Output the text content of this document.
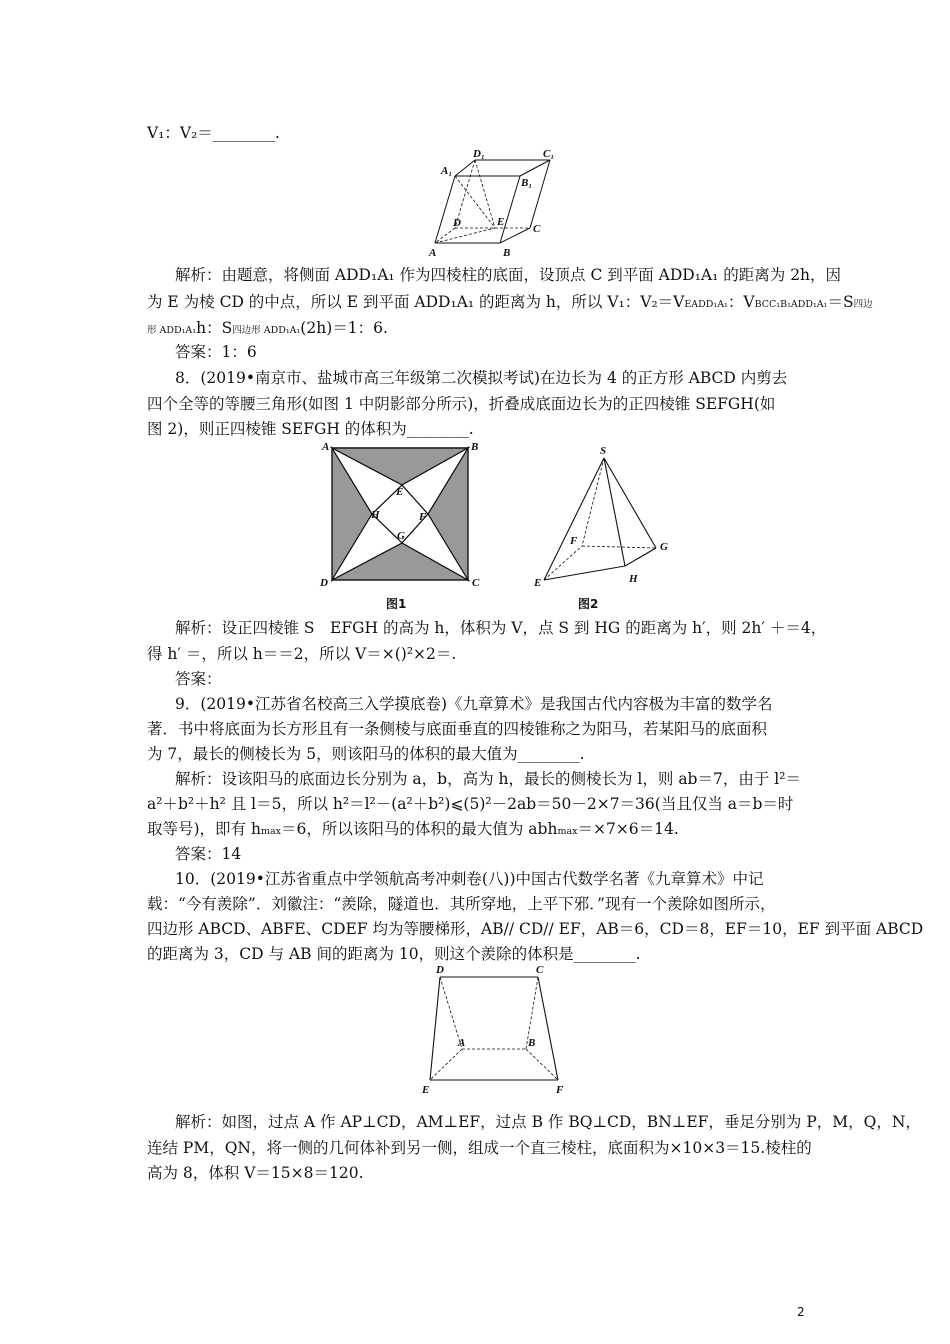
V₁：V₂＝________.
D₁	C₁
A₁
B₁
D	E
C
A	B
解析：由题意，将侧面 ADD₁A₁ 作为四棱柱的底面，设顶点 C 到平面 ADD₁A₁ 的距离为 2h，因
为 E 为棱 CD 的中点，所以 E 到平面 ADD₁A₁ 的距离为 h，所以 V₁：V₂＝VEADD₁A₁：VBCC₁B₁ADD₁A₁＝S四边
形 ADD₁A₁h：S四边形 ADD₁A₁(2h)＝1：6.
答案：1：6
8．(2019•南京市、盐城市高三年级第二次模拟考试)在边长为 4 的正方形 ABCD 内剪去
四个全等的等腰三角形(如图 1 中阴影部分所示)，折叠成底面边长为的正四棱锥 SEFGH(如
图 2)，则正四棱锥 SEFGH 的体积为________.
A	B
D	C
E
H	F
G
S
F	G
E	H
图1	图2
解析：设正四棱锥 S　EFGH 的高为 h，体积为 V，点 S 到 HG 的距离为 h′，则 2h′ ＋＝4，
得 h′ ＝，所以 h＝＝2，所以 V＝×()²×2＝.
答案：
9．(2019•江苏省名校高三入学摸底卷)《九章算术》是我国古代内容极为丰富的数学名
著．书中将底面为长方形且有一条侧棱与底面垂直的四棱锥称之为阳马，若某阳马的底面积
为 7，最长的侧棱长为 5，则该阳马的体积的最大值为________.
解析：设该阳马的底面边长分别为 a，b，高为 h，最长的侧棱长为 l，则 ab＝7，由于 l²＝
a²＋b²＋h² 且 l＝5，所以 h²＝l²－(a²＋b²)⩽(5)²－2ab＝50－2×7＝36(当且仅当 a＝b＝时
取等号)，即有 hmax＝6，所以该阳马的体积的最大值为 abhmax＝×7×6＝14.
答案：14
10．(2019•江苏省重点中学领航高考冲刺卷(八))中国古代数学名著《九章算术》中记
载：“今有羨除”．刘徽注：“羨除，隧道也．其所穿地，上平下邪．”现有一个羨除如图所示，
四边形 ABCD、ABFE、CDEF 均为等腰梯形，AB// CD// EF，AB＝6，CD＝8，EF＝10，EF 到平面 ABCD
的距离为 3，CD 与 AB 间的距离为 10，则这个羨除的体积是________.
D	C
A	B
E	F
解析：如图，过点 A 作 AP⊥CD，AM⊥EF，过点 B 作 BQ⊥CD，BN⊥EF，垂足分别为 P，M，Q，N，
连结 PM，QN，将一侧的几何体补到另一侧，组成一个直三棱柱，底面积为×10×3＝15.棱柱的
高为 8，体积 V＝15×8＝120.
2
